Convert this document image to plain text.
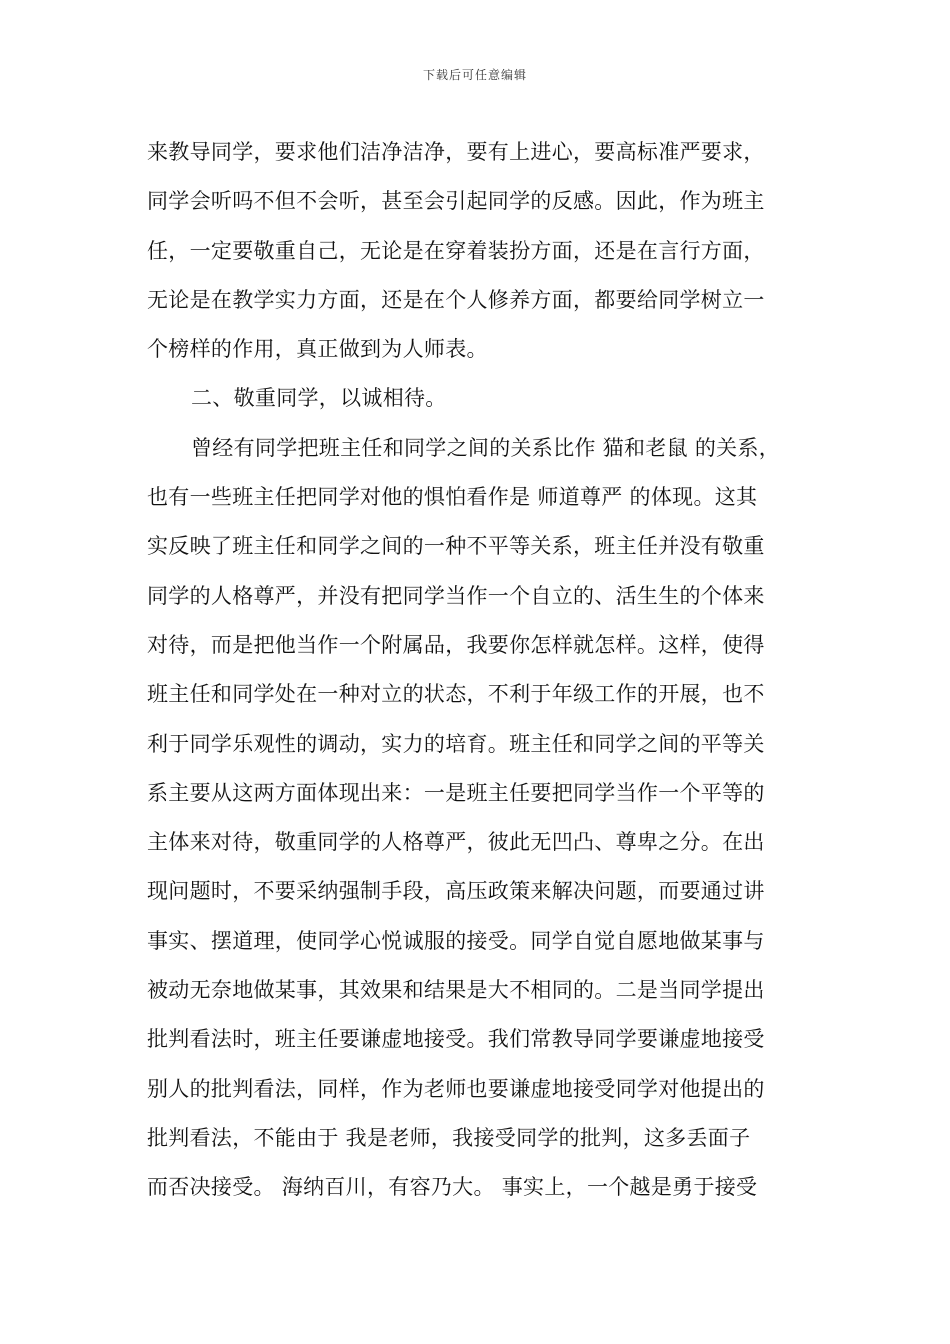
下载后可任意编辑
来教导同学，要求他们洁净洁净，要有上进心，要高标准严要求，
同学会听吗不但不会听，甚至会引起同学的反感。因此，作为班主
任，一定要敬重自己，无论是在穿着装扮方面，还是在言行方面，
无论是在教学实力方面，还是在个人修养方面，都要给同学树立一
个榜样的作用，真正做到为人师表。
二、敬重同学，以诚相待。
曾经有同学把班主任和同学之间的关系比作 猫和老鼠 的关系，
也有一些班主任把同学对他的惧怕看作是 师道尊严 的体现。这其
实反映了班主任和同学之间的一种不平等关系，班主任并没有敬重
同学的人格尊严，并没有把同学当作一个自立的、活生生的个体来
对待，而是把他当作一个附属品，我要你怎样就怎样。这样，使得
班主任和同学处在一种对立的状态，不利于年级工作的开展，也不
利于同学乐观性的调动，实力的培育。班主任和同学之间的平等关
系主要从这两方面体现出来：一是班主任要把同学当作一个平等的
主体来对待，敬重同学的人格尊严，彼此无凹凸、尊卑之分。在出
现问题时，不要采纳强制手段，高压政策来解决问题，而要通过讲
事实、摆道理，使同学心悦诚服的接受。同学自觉自愿地做某事与
被动无奈地做某事，其效果和结果是大不相同的。二是当同学提出
批判看法时，班主任要谦虚地接受。我们常教导同学要谦虚地接受
别人的批判看法，同样，作为老师也要谦虚地接受同学对他提出的
批判看法，不能由于 我是老师，我接受同学的批判，这多丢面子
而否决接受。 海纳百川，有容乃大。 事实上，一个越是勇于接受
